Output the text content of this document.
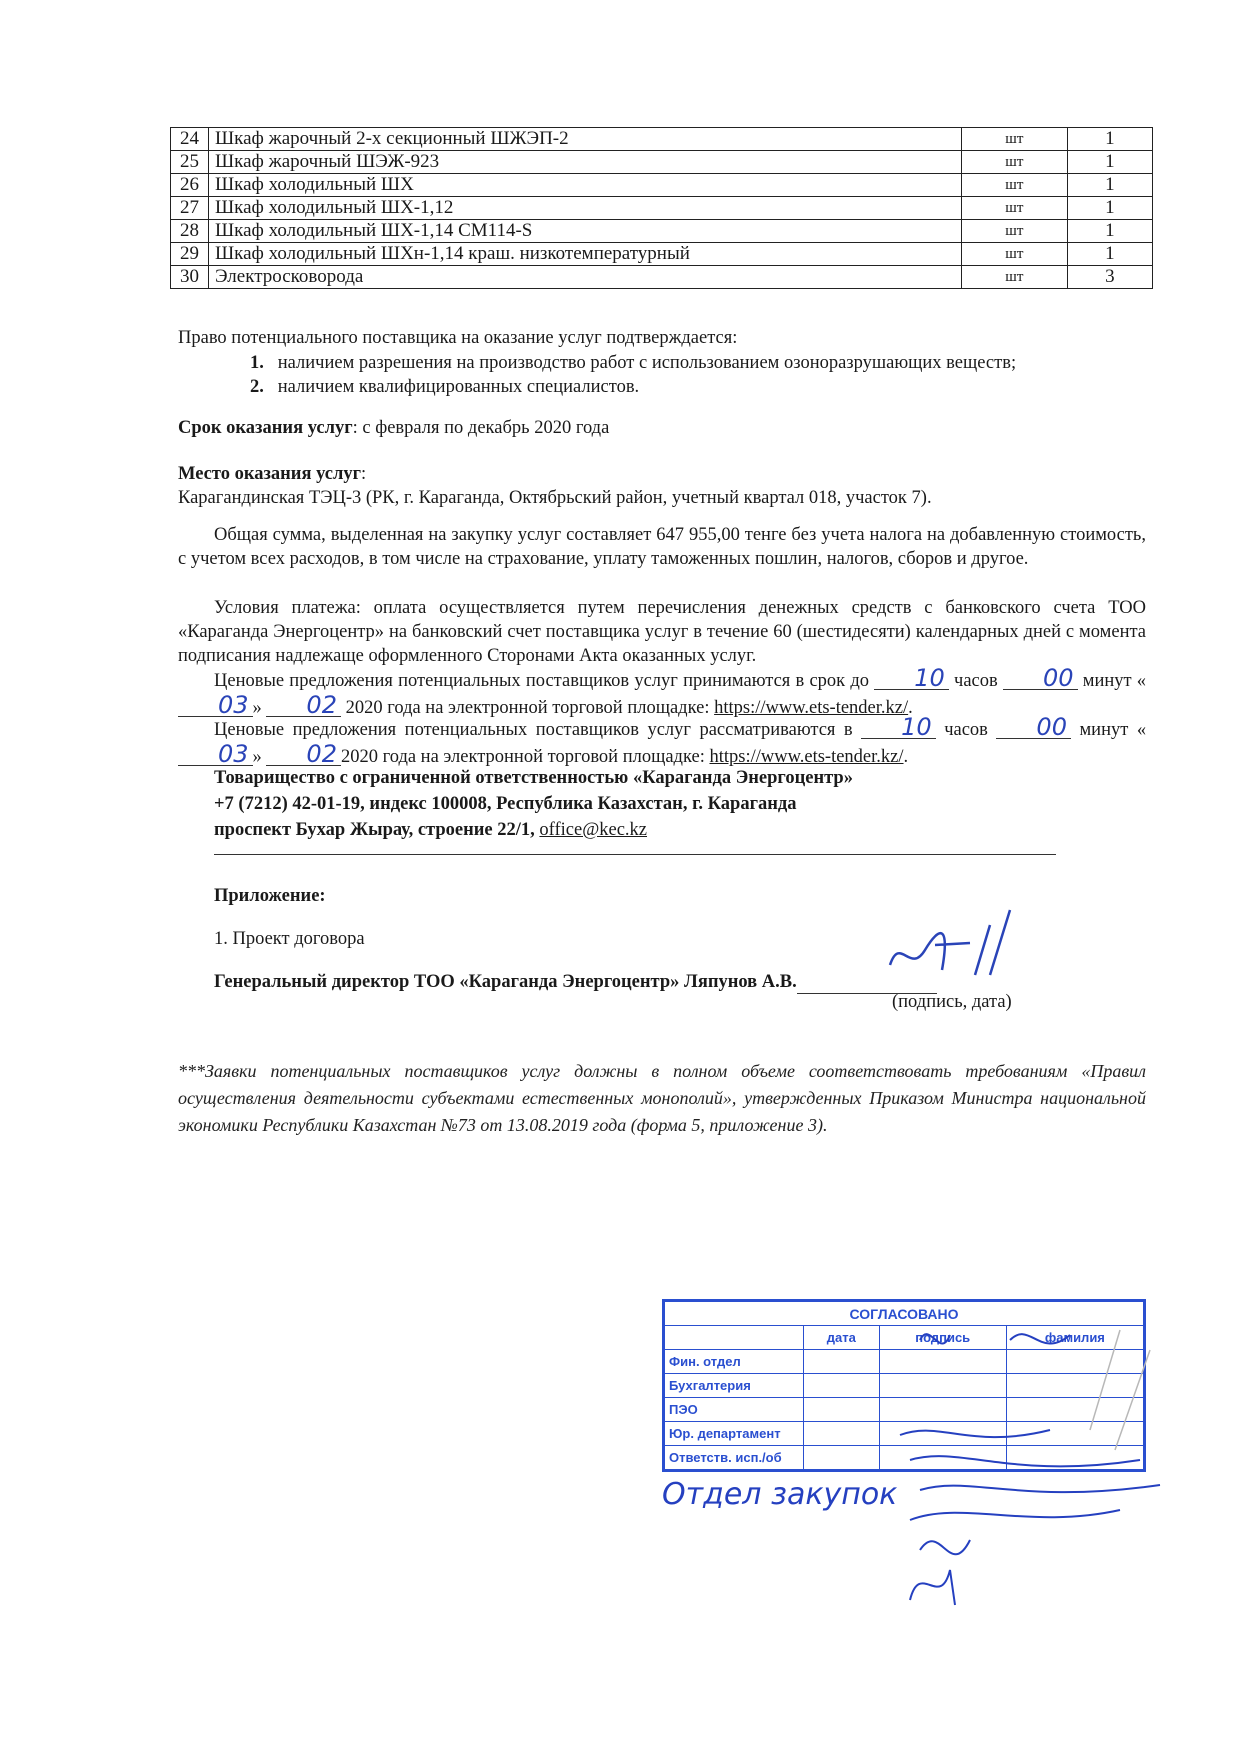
24	Шкаф жарочный 2-х секционный ШЖЭП-2	шт	1
25	Шкаф жарочный ШЭЖ-923	шт	1
26	Шкаф холодильный ШХ	шт	1
27	Шкаф холодильный ШХ-1,12	шт	1
28	Шкаф холодильный ШХ-1,14 СМ114-S	шт	1
29	Шкаф холодильный ШХн-1,14 краш. низкотемпературный	шт	1
30	Электросковорода	шт	3
Право потенциального поставщика на оказание услуг подтверждается:
1. наличием разрешения на производство работ с использованием озоноразрушающих веществ;
2. наличием квалифицированных специалистов.
Срок оказания услуг: с февраля по декабрь 2020 года
Место оказания услуг:
Карагандинская ТЭЦ-3 (РК, г. Караганда, Октябрьский район, учетный квартал 018, участок 7).
Общая сумма, выделенная на закупку услуг составляет 647 955,00 тенге без учета налога на добавленную стоимость, с учетом всех расходов, в том числе на страхование, уплату таможенных пошлин, налогов, сборов и другое.
Условия платежа: оплата осуществляется путем перечисления денежных средств с банковского счета ТОО «Караганда Энергоцентр» на банковский счет поставщика услуг в течение 60 (шестидесяти) календарных дней с момента подписания надлежаще оформленного Сторонами Акта оказанных услуг.
Ценовые предложения потенциальных поставщиков услуг принимаются в срок до 10 часов 00 минут «03 » 02 2020 года на электронной торговой площадке: https://www.ets-tender.kz/.
Ценовые предложения потенциальных поставщиков услуг рассматриваются в 10 часов 00 минут «03 » 02 2020 года на электронной торговой площадке: https://www.ets-tender.kz/.
Товарищество с ограниченной ответственностью «Караганда Энергоцентр»
+7 (7212) 42-01-19, индекс 100008, Республика Казахстан, г. Караганда
проспект Бухар Жырау, строение 22/1, office@kec.kz
Приложение:
1. Проект договора
Генеральный директор ТОО «Караганда Энергоцентр» Ляпунов А.В.
(подпись, дата)
***Заявки потенциальных поставщиков услуг должны в полном объеме соответствовать требованиям «Правил осуществления деятельности субъектами естественных монополий», утвержденных Приказом Министра национальной экономики Республики Казахстан №73 от 13.08.2019 года (форма 5, приложение 3).
СОГЛАСОВАНО			
	дата	подпись	фамилия
Фин. отдел			
Бухгалтерия			
ПЭО			
Юр. департамент			
Ответств. исп./об			
Отдел закупок
